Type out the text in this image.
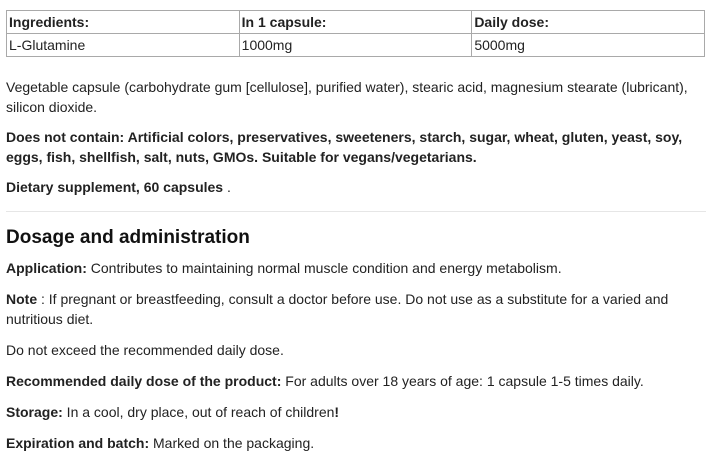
Ingredients:	In 1 capsule:	Daily dose:
L-Glutamine	1000mg	5000mg

Vegetable capsule (carbohydrate gum [cellulose], purified water), stearic acid, magnesium stearate (lubricant), silicon dioxide.

Does not contain: Artificial colors, preservatives, sweeteners, starch, sugar, wheat, gluten, yeast, soy, eggs, fish, shellfish, salt, nuts, GMOs. Suitable for vegans/vegetarians.

Dietary supplement, 60 capsules .

Dosage and administration

Application: Contributes to maintaining normal muscle condition and energy metabolism.

Note : If pregnant or breastfeeding, consult a doctor before use. Do not use as a substitute for a varied and nutritious diet.

Do not exceed the recommended daily dose.

Recommended daily dose of the product: For adults over 18 years of age: 1 capsule 1-5 times daily.

Storage: In a cool, dry place, out of reach of children!

Expiration and batch: Marked on the packaging.
